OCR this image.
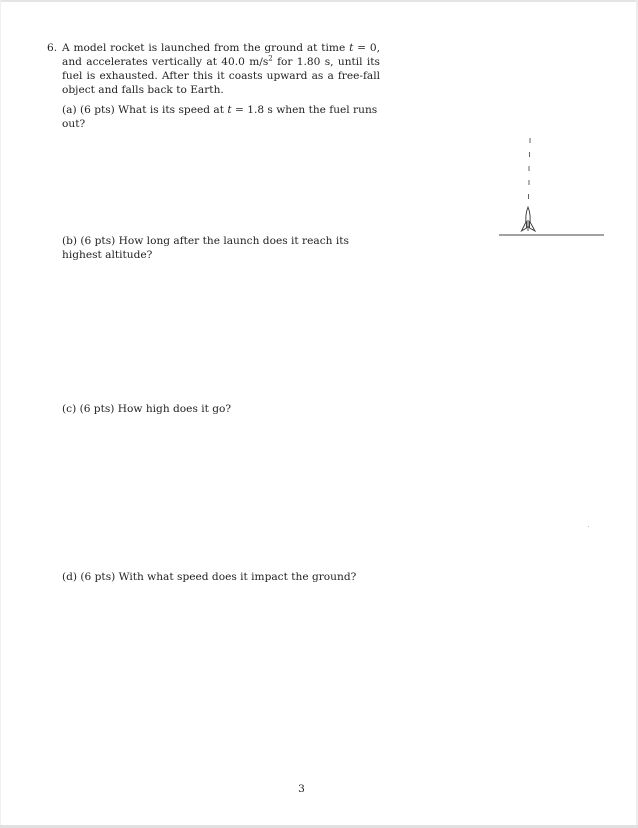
6. A model rocket is launched from the ground at time t = 0, and accelerates vertically at 40.0 $m/s^2$ for 1.80 s, until its fuel is exhausted. After this it coasts upward as a free-fall object and falls back to Earth.
(a) (6 pts) What is its speed at t = 1.8 s when the fuel runs out?
(b) (6 pts) How long after the launch does it reach its highest altitude?
(c) (6 pts) How high does it go?
(d) (6 pts) With what speed does it impact the ground?
3
